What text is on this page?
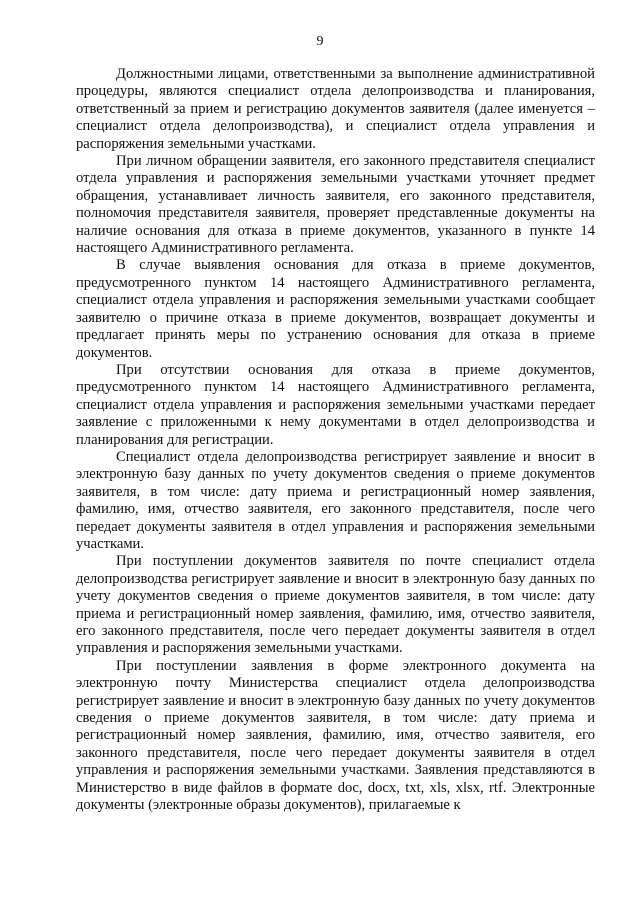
9

Должностными лицами, ответственными за выполнение административной процедуры, являются специалист отдела делопроизводства и планирования, ответственный за прием и регистрацию документов заявителя (далее именуется – специалист отдела делопроизводства), и специалист отдела управления и распоряжения земельными участками.

При личном обращении заявителя, его законного представителя специалист отдела управления и распоряжения земельными участками уточняет предмет обращения, устанавливает личность заявителя, его законного представителя, полномочия представителя заявителя, проверяет представленные документы на наличие основания для отказа в приеме документов, указанного в пункте 14 настоящего Административного регламента.

В случае выявления основания для отказа в приеме документов, предусмотренного пунктом 14 настоящего Административного регламента, специалист отдела управления и распоряжения земельными участками сообщает заявителю о причине отказа в приеме документов, возвращает документы и предлагает принять меры по устранению основания для отказа в приеме документов.

При отсутствии основания для отказа в приеме документов, предусмотренного пунктом 14 настоящего Административного регламента, специалист отдела управления и распоряжения земельными участками передает заявление с приложенными к нему документами в отдел делопроизводства и планирования для регистрации.

Специалист отдела делопроизводства регистрирует заявление и вносит в электронную базу данных по учету документов сведения о приеме документов заявителя, в том числе: дату приема и регистрационный номер заявления, фамилию, имя, отчество заявителя, его законного представителя, после чего передает документы заявителя в отдел управления и распоряжения земельными участками.

При поступлении документов заявителя по почте специалист отдела делопроизводства регистрирует заявление и вносит в электронную базу данных по учету документов сведения о приеме документов заявителя, в том числе: дату приема и регистрационный номер заявления, фамилию, имя, отчество заявителя, его законного представителя, после чего передает документы заявителя в отдел управления и распоряжения земельными участками.

При поступлении заявления в форме электронного документа на электронную почту Министерства специалист отдела делопроизводства регистрирует заявление и вносит в электронную базу данных по учету документов сведения о приеме документов заявителя, в том числе: дату приема и регистрационный номер заявления, фамилию, имя, отчество заявителя, его законного представителя, после чего передает документы заявителя в отдел управления и распоряжения земельными участками. Заявления представляются в Министерство в виде файлов в формате doc, docx, txt, xls, xlsx, rtf. Электронные документы (электронные образы документов), прилагаемые к
